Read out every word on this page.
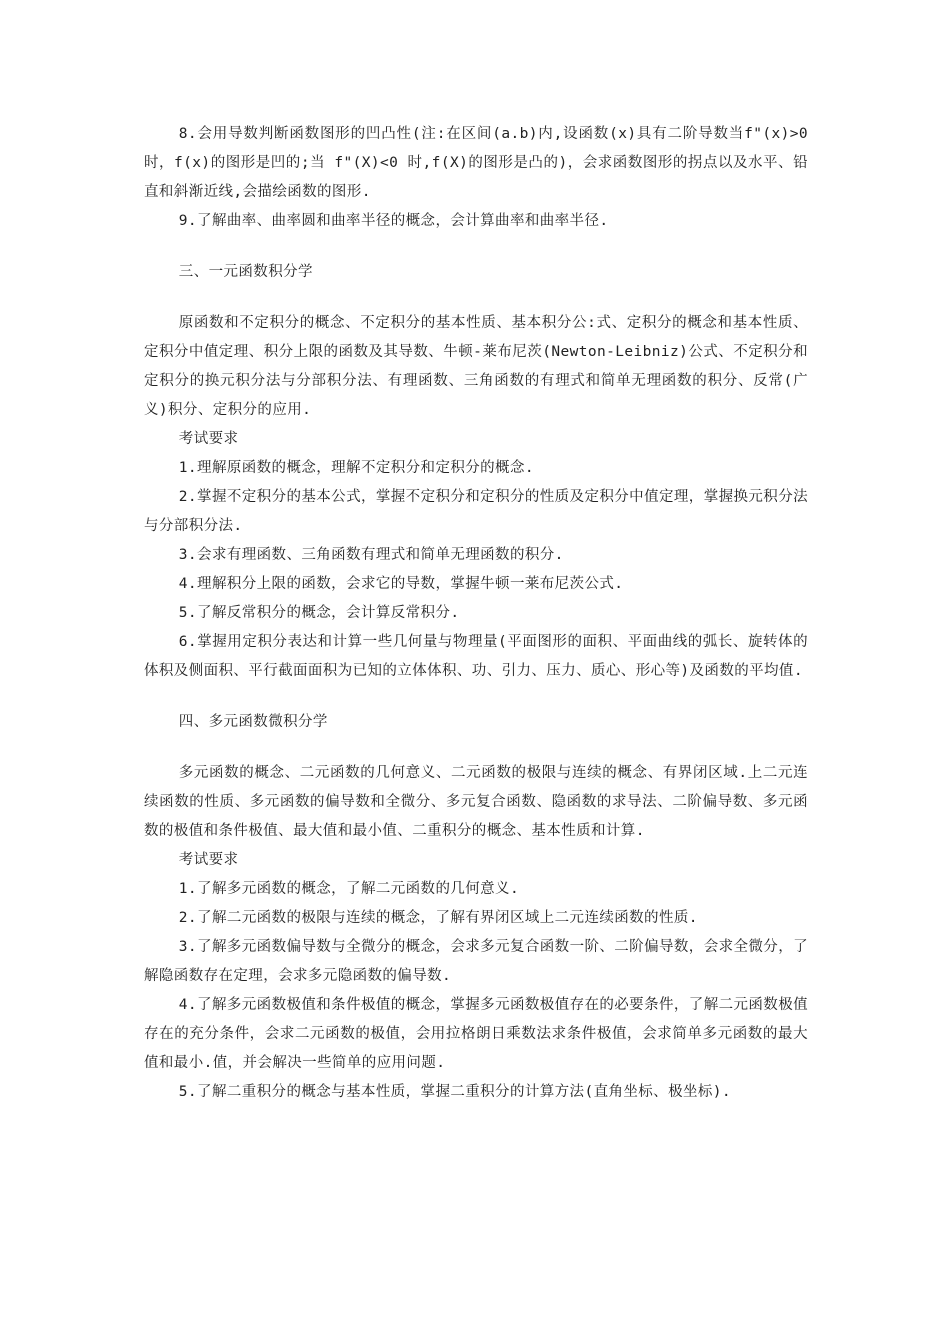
8.会用导数判断函数图形的凹凸性(注:在区间(a.b)内,设函数(x)具有二阶导数当f"(x)>0 时，f(x)的图形是凹的;当 f"(X)<0 时,f(X)的图形是凸的)，会求函数图形的拐点以及水平、铅直和斜渐近线,会描绘函数的图形.

9.了解曲率、曲率圆和曲率半径的概念，会计算曲率和曲率半径.

三、一元函数积分学

原函数和不定积分的概念、不定积分的基本性质、基本积分公:式、定积分的概念和基本性质、定积分中值定理、积分上限的函数及其导数、牛顿-莱布尼茨(Newton-Leibniz)公式、不定积分和定积分的换元积分法与分部积分法、有理函数、三角函数的有理式和简单无理函数的积分、反常(广义)积分、定积分的应用.

考试要求

1.理解原函数的概念，理解不定积分和定积分的概念.

2.掌握不定积分的基本公式，掌握不定积分和定积分的性质及定积分中值定理，掌握换元积分法与分部积分法.

3.会求有理函数、三角函数有理式和简单无理函数的积分.

4.理解积分上限的函数，会求它的导数，掌握牛顿一莱布尼茨公式.

5.了解反常积分的概念，会计算反常积分.

6.掌握用定积分表达和计算一些几何量与物理量(平面图形的面积、平面曲线的弧长、旋转体的体积及侧面积、平行截面面积为已知的立体体积、功、引力、压力、质心、形心等)及函数的平均值.

四、多元函数微积分学

多元函数的概念、二元函数的几何意义、二元函数的极限与连续的概念、有界闭区域.上二元连续函数的性质、多元函数的偏导数和全微分、多元复合函数、隐函数的求导法、二阶偏导数、多元函数的极值和条件极值、最大值和最小值、二重积分的概念、基本性质和计算.

考试要求

1.了解多元函数的概念，了解二元函数的几何意义.

2.了解二元函数的极限与连续的概念，了解有界闭区域上二元连续函数的性质.

3.了解多元函数偏导数与全微分的概念，会求多元复合函数一阶、二阶偏导数，会求全微分，了解隐函数存在定理，会求多元隐函数的偏导数.

4.了解多元函数极值和条件极值的概念，掌握多元函数极值存在的必要条件，了解二元函数极值存在的充分条件，会求二元函数的极值，会用拉格朗日乘数法求条件极值，会求简单多元函数的最大值和最小.值，并会解决一些简单的应用问题.

5.了解二重积分的概念与基本性质，掌握二重积分的计算方法(直角坐标、极坐标).
